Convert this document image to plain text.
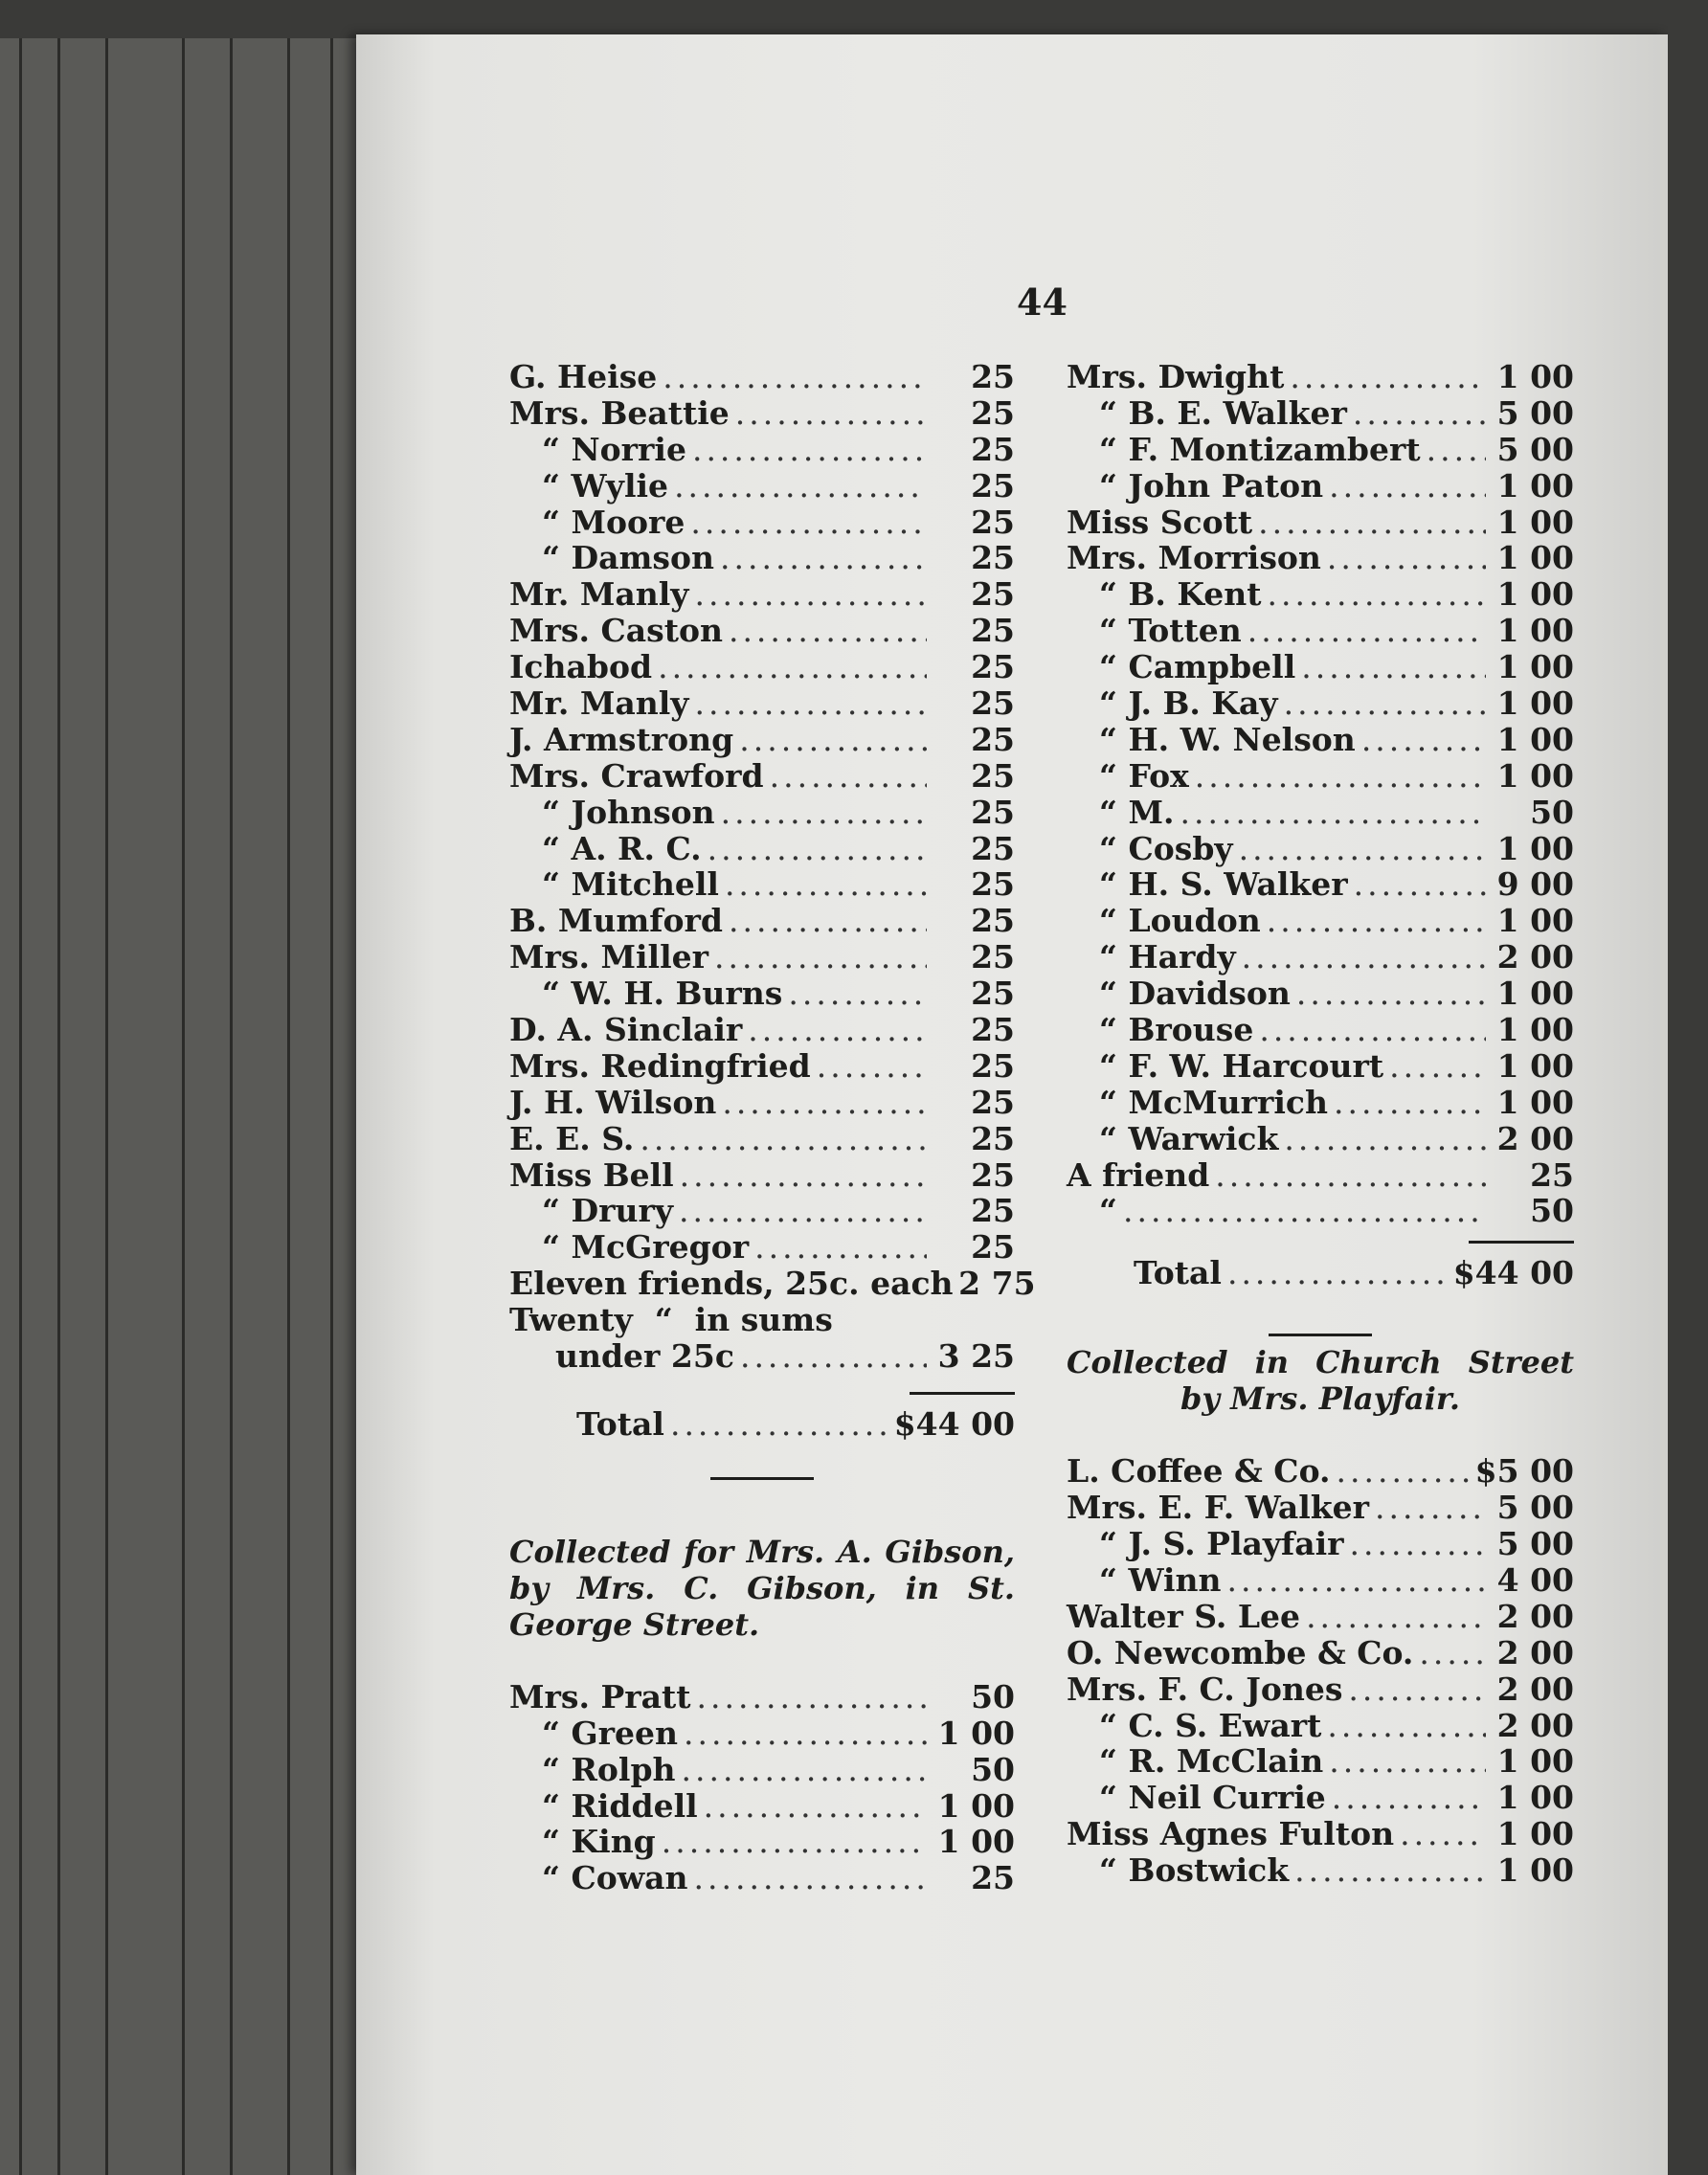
44
G. Heise .....	25
Mrs. Beattie .....	25
“ Norrie .....	25
“ Wylie .....	25
“ Moore .....	25
“ Damson .....	25
Mr. Manly .....	25
Mrs. Caston .....	25
Ichabod .....	25
Mr. Manly .....	25
J. Armstrong .....	25
Mrs. Crawford .....	25
“ Johnson .....	25
“ A. R. C. .....	25
“ Mitchell .....	25
B. Mumford .....	25
Mrs. Miller .....	25
“ W. H. Burns .....	25
D. A. Sinclair .....	25
Mrs. Redingfried .....	25
J. H. Wilson .....	25
E. E. S. .....	25
Miss Bell .....	25
“ Drury .....	25
“ McGregor .....	25
Eleven friends, 25c. each 2 75
Twenty  “  in sums
under 25c .....	3 25
Total .....	$44 00
Collected for Mrs. A. Gibson, by Mrs. C. Gibson, in St. George Street.
Mrs. Pratt .....	50
“ Green .....	1 00
“ Rolph .....	50
“ Riddell .....	1 00
“ King .....	1 00
“ Cowan .....	25
Mrs. Dwight .....	1 00
“ B. E. Walker .....	5 00
“ F. Montizambert ..... 5 00
“ John Paton .....	1 00
Miss Scott .....	1 00
Mrs. Morrison .....	1 00
“ B. Kent .....	1 00
“ Totten .....	1 00
“ Campbell .....	1 00
“ J. B. Kay .....	1 00
“ H. W. Nelson .....	1 00
“ Fox .....	1 00
“ M. .....	50
“ Cosby .....	1 00
“ H. S. Walker .....	9 00
“ Loudon .....	1 00
“ Hardy .....	2 00
“ Davidson .....	1 00
“ Brouse .....	1 00
“ F. W. Harcourt .....	1 00
“ McMurrich .....	1 00
“ Warwick .....	2 00
A friend .....	25
“ .....	50
Total .....	$44 00
Collected in Church Street by Mrs. Playfair.
L. Coffee & Co. .....	$5 00
Mrs. E. F. Walker .....	5 00
“ J. S. Playfair .....	5 00
“ Winn .....	4 00
Walter S. Lee .....	2 00
O. Newcombe & Co. .....	2 00
Mrs. F. C. Jones .....	2 00
“ C. S. Ewart .....	2 00
“ R. McClain .....	1 00
“ Neil Currie .....	1 00
Miss Agnes Fulton .....	1 00
“ Bostwick .....	1 00
